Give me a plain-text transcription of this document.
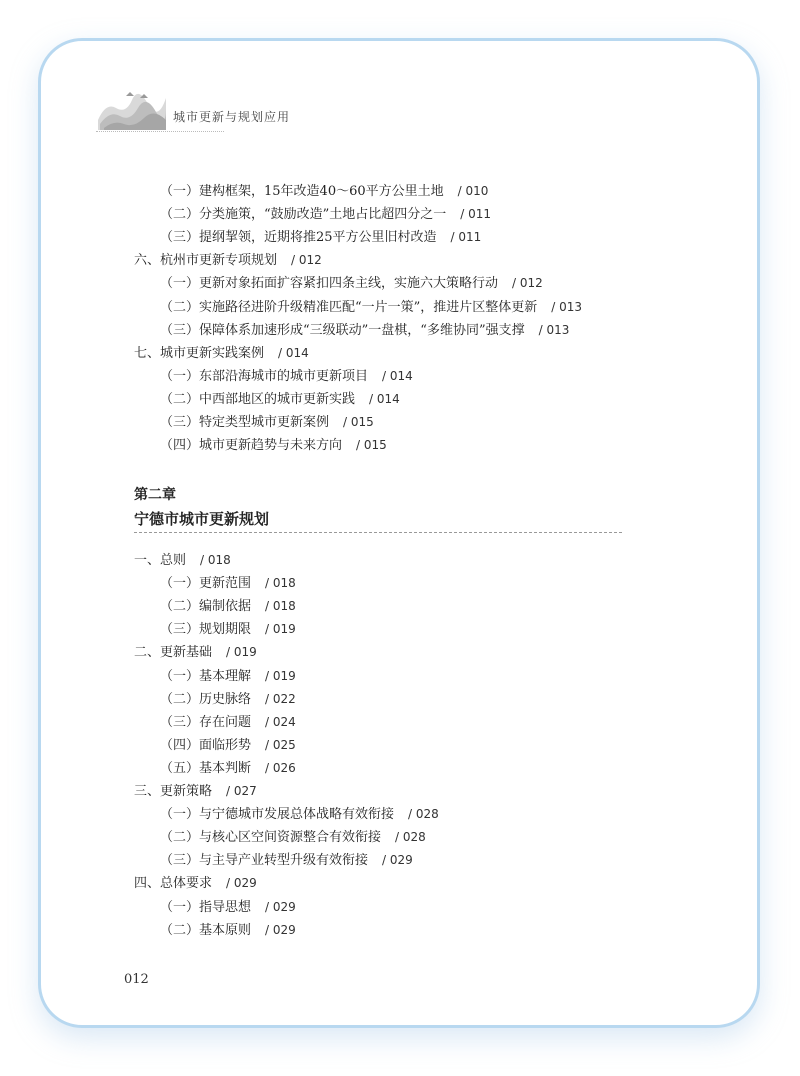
城市更新与规划应用
（一）建构框架，15年改造40～60平方公里土地 / 010
（二）分类施策，“鼓励改造”土地占比超四分之一 / 011
（三）提纲挈领，近期将推25平方公里旧村改造 / 011
六、杭州市更新专项规划 / 012
（一）更新对象拓面扩容紧扣四条主线，实施六大策略行动 / 012
（二）实施路径进阶升级精准匹配“一片一策”，推进片区整体更新 / 013
（三）保障体系加速形成“三级联动”一盘棋，“多维协同”强支撑 / 013
七、城市更新实践案例 / 014
（一）东部沿海城市的城市更新项目 / 014
（二）中西部地区的城市更新实践 / 014
（三）特定类型城市更新案例 / 015
（四）城市更新趋势与未来方向 / 015
第二章
宁德市城市更新规划
一、总则 / 018
（一）更新范围 / 018
（二）编制依据 / 018
（三）规划期限 / 019
二、更新基础 / 019
（一）基本理解 / 019
（二）历史脉络 / 022
（三）存在问题 / 024
（四）面临形势 / 025
（五）基本判断 / 026
三、更新策略 / 027
（一）与宁德城市发展总体战略有效衔接 / 028
（二）与核心区空间资源整合有效衔接 / 028
（三）与主导产业转型升级有效衔接 / 029
四、总体要求 / 029
（一）指导思想 / 029
（二）基本原则 / 029
012
